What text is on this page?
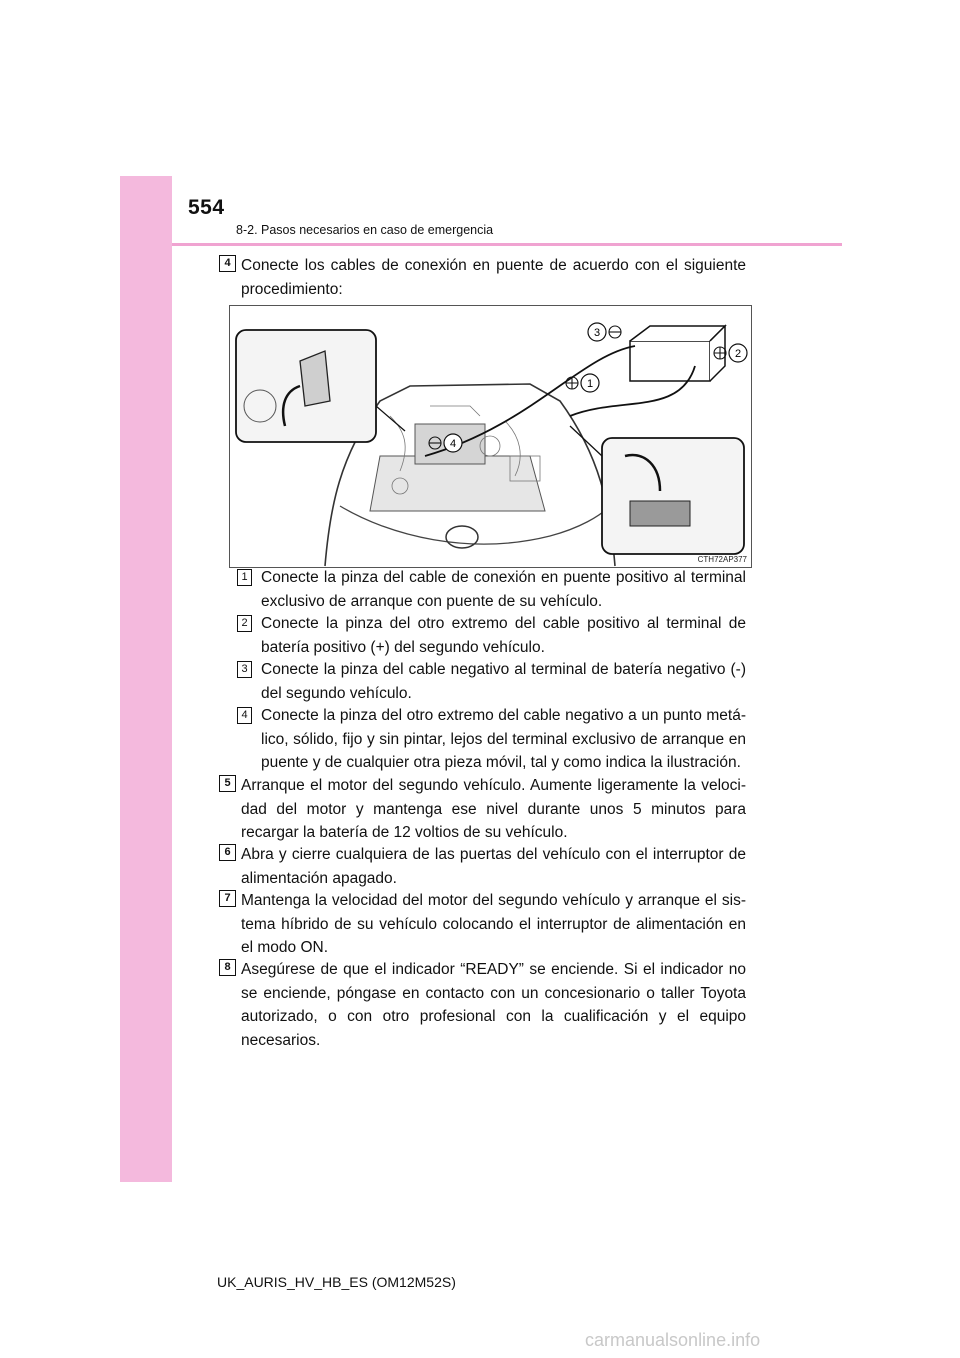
554
8-2. Pasos necesarios en caso de emergencia
4 Conecte los cables de conexión en puente de acuerdo con el siguiente procedimiento:
1
2
3
4
CTH72AP377
1 Conecte la pinza del cable de conexión en puente positivo al terminal exclusivo de arranque con puente de su vehículo.
2 Conecte la pinza del otro extremo del cable positivo al terminal de batería positivo (+) del segundo vehículo.
3 Conecte la pinza del cable negativo al terminal de batería negativo (-) del segundo vehículo.
4 Conecte la pinza del otro extremo del cable negativo a un punto metálico, sólido, fijo y sin pintar, lejos del terminal exclusivo de arranque en puente y de cualquier otra pieza móvil, tal y como indica la ilustración.
5 Arranque el motor del segundo vehículo. Aumente ligeramente la velocidad del motor y mantenga ese nivel durante unos 5 minutos para recargar la batería de 12 voltios de su vehículo.
6 Abra y cierre cualquiera de las puertas del vehículo con el interruptor de alimentación apagado.
7 Mantenga la velocidad del motor del segundo vehículo y arranque el sistema híbrido de su vehículo colocando el interruptor de alimentación en el modo ON.
8 Asegúrese de que el indicador “READY” se enciende. Si el indicador no se enciende, póngase en contacto con un concesionario o taller Toyota autorizado, o con otro profesional con la cualificación y el equipo necesarios.
UK_AURIS_HV_HB_ES (OM12M52S)
carmanualsonline.info
